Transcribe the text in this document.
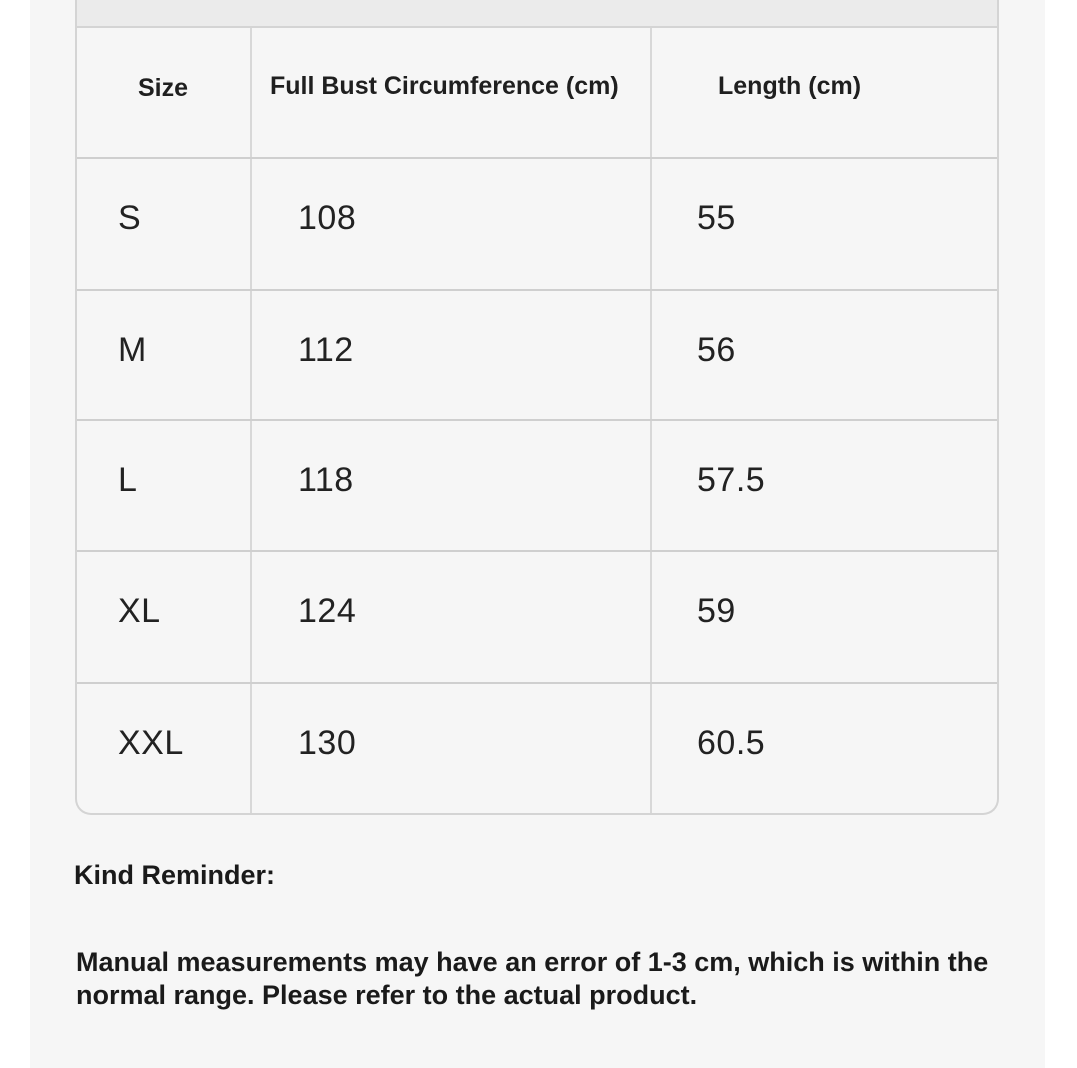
Size	Full Bust Circumference (cm)	Length (cm)
S	108	55
M	112	56
L	118	57.5
XL	124	59
XXL	130	60.5
Kind Reminder:
Manual measurements may have an error of 1-3 cm, which is within the normal range. Please refer to the actual product.
